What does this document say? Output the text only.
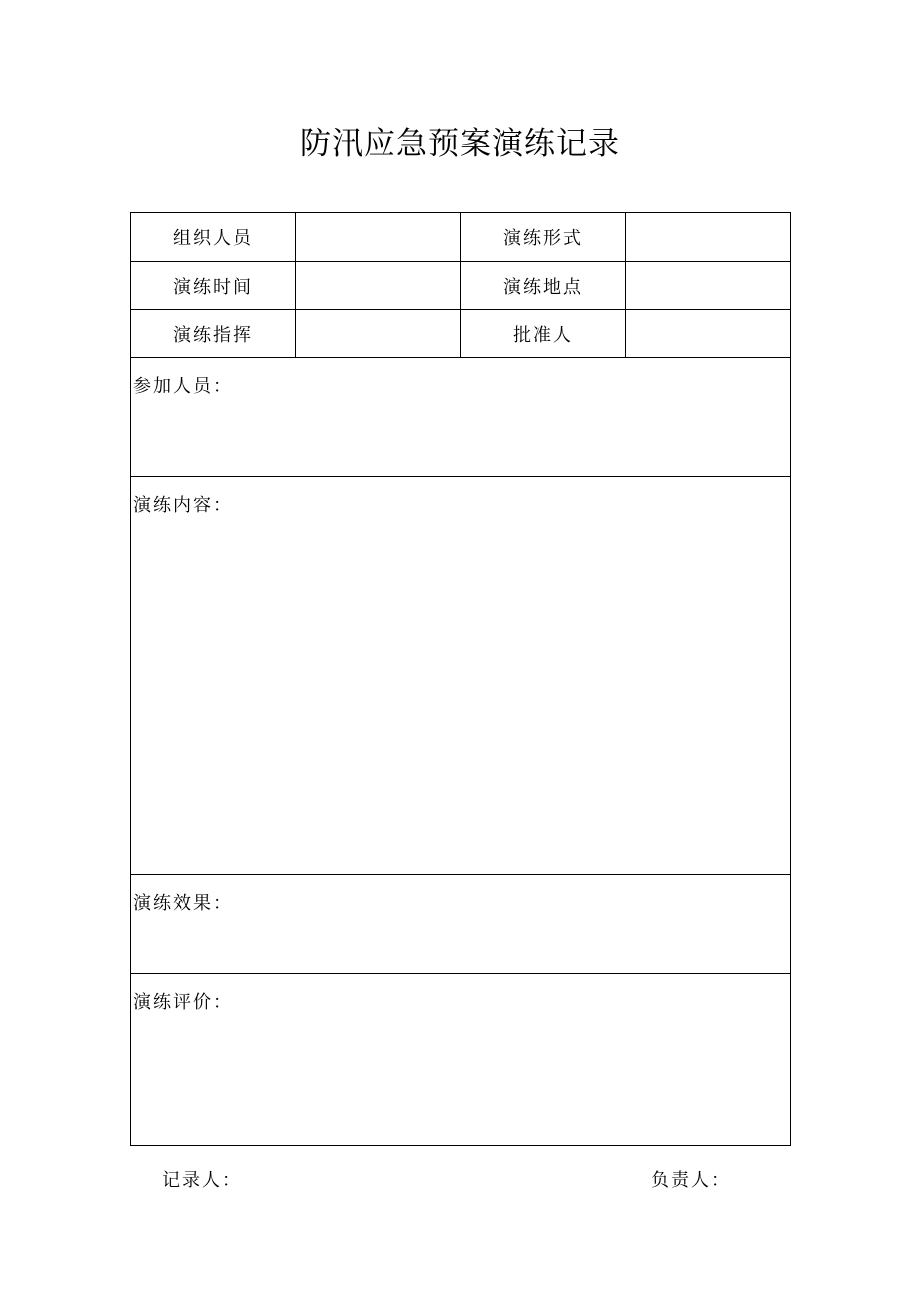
防汛应急预案演练记录
组织人员		演练形式	
演练时间		演练地点	
演练指挥		批准人	
参加人员：			
演练内容：			
演练效果：			
演练评价：			
记录人：	负责人：
